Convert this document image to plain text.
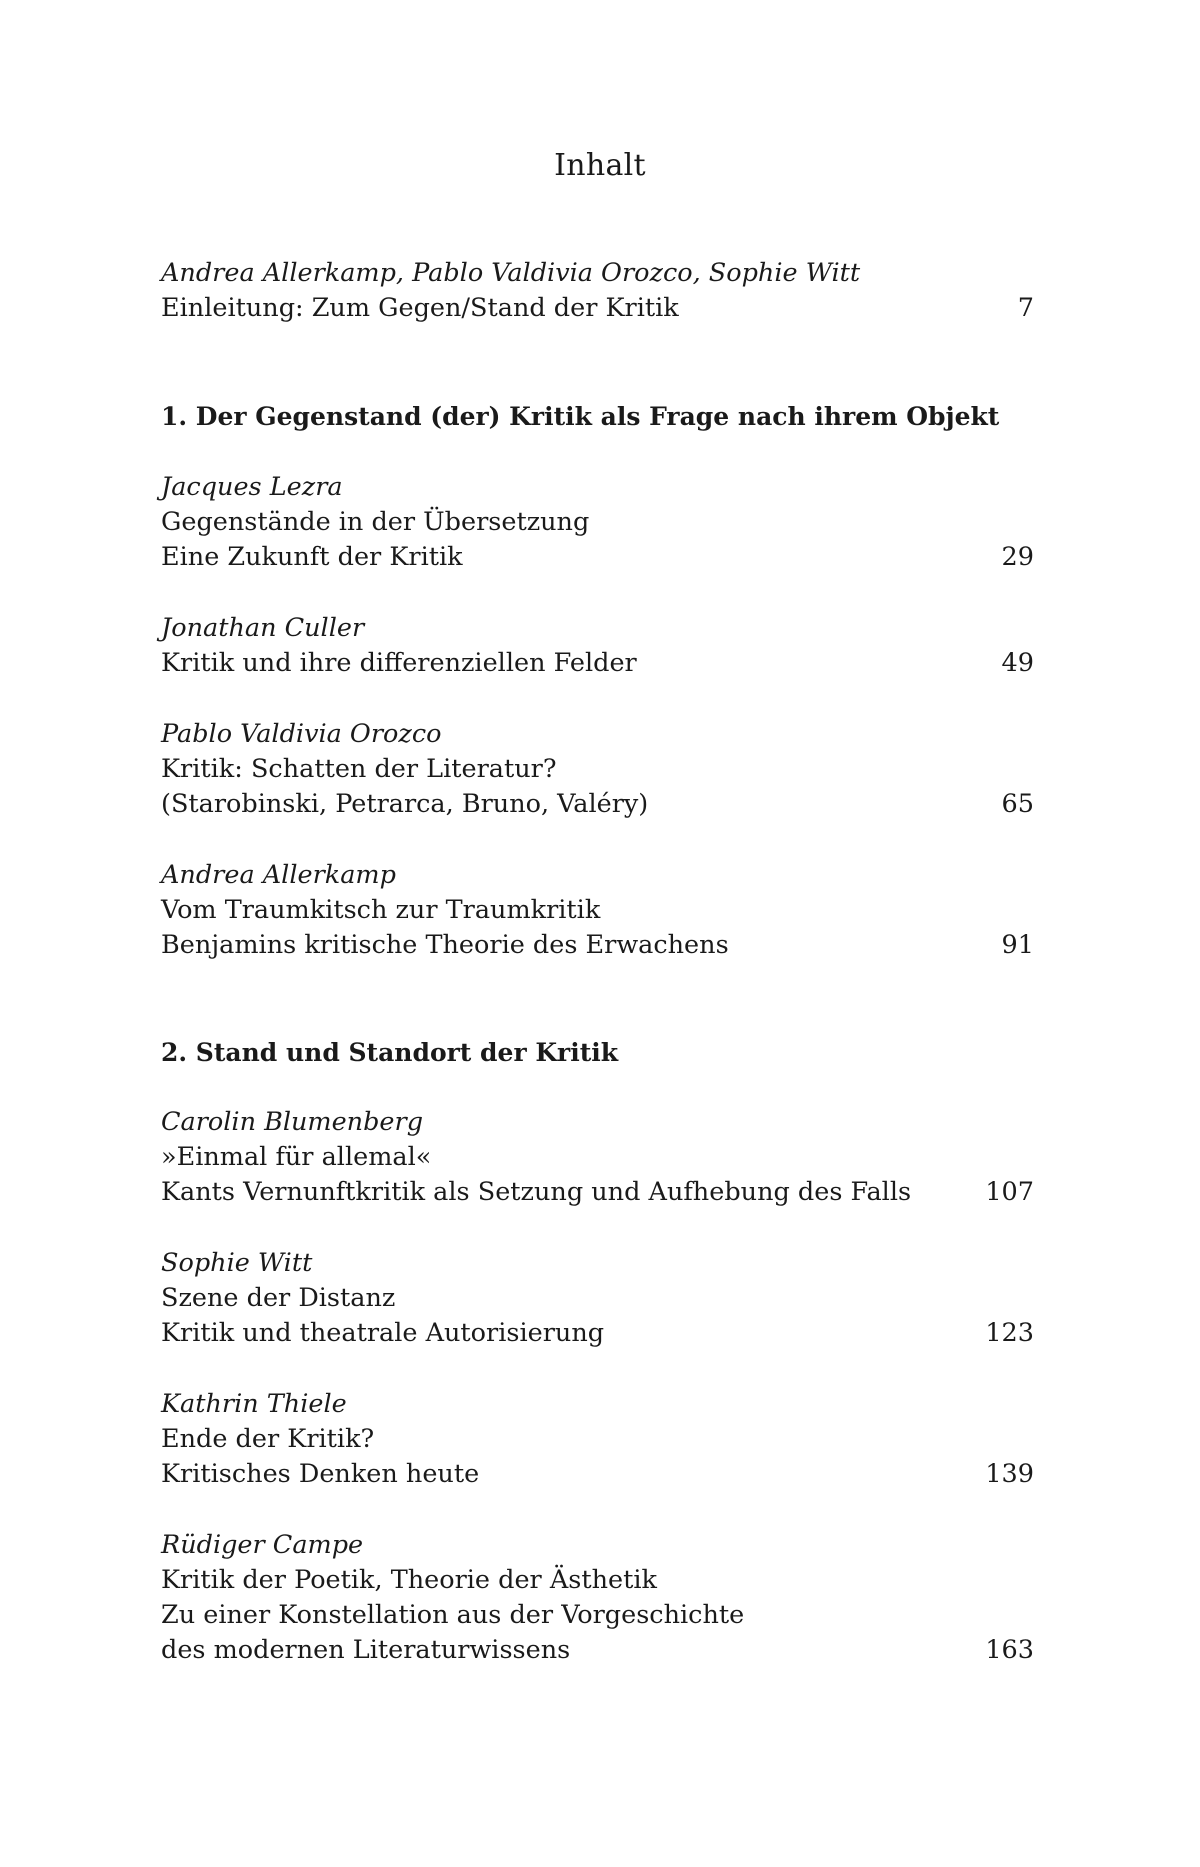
Inhalt
Andrea Allerkamp, Pablo Valdivia Orozco, Sophie Witt
Einleitung: Zum Gegen/Stand der Kritik	7
1. Der Gegenstand (der) Kritik als Frage nach ihrem Objekt
Jacques Lezra
Gegenstände in der Übersetzung
Eine Zukunft der Kritik	29
Jonathan Culler
Kritik und ihre differenziellen Felder	49
Pablo Valdivia Orozco
Kritik: Schatten der Literatur?
(Starobinski, Petrarca, Bruno, Valéry)	65
Andrea Allerkamp
Vom Traumkitsch zur Traumkritik
Benjamins kritische Theorie des Erwachens	91
2. Stand und Standort der Kritik
Carolin Blumenberg
»Einmal für allemal«
Kants Vernunftkritik als Setzung und Aufhebung des Falls	107
Sophie Witt
Szene der Distanz
Kritik und theatrale Autorisierung	123
Kathrin Thiele
Ende der Kritik?
Kritisches Denken heute	139
Rüdiger Campe
Kritik der Poetik, Theorie der Ästhetik
Zu einer Konstellation aus der Vorgeschichte
des modernen Literaturwissens	163
